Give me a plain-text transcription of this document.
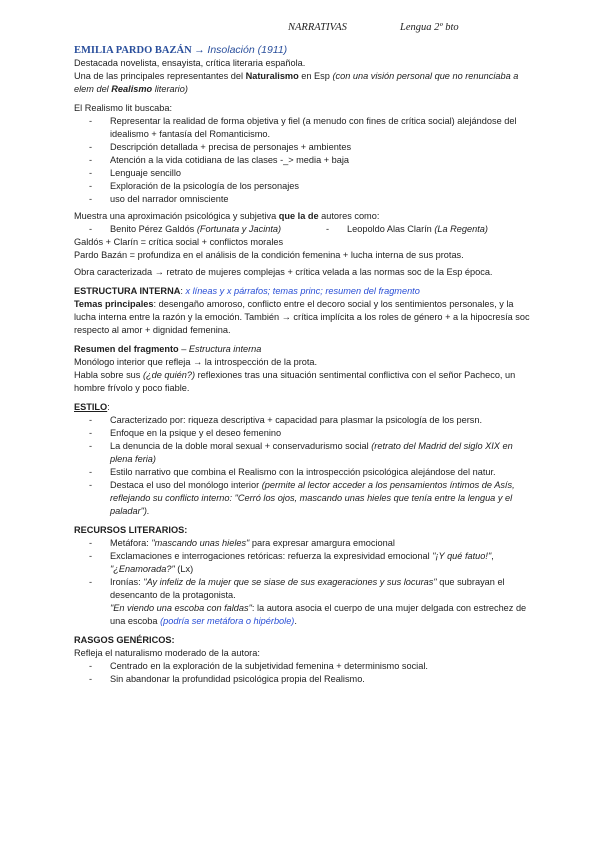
NARRATIVAS	Lengua 2º bto

EMILIA PARDO BAZÁN → Insolación (1911)

Destacada novelista, ensayista, crítica literaria española.

Una de las principales representantes del Naturalismo en Esp (con una visión personal que no renunciaba a elem del Realismo literario)

El Realismo lit buscaba:

- Representar la realidad de forma objetiva y fiel (a menudo con fines de crítica social) alejándose del idealismo + fantasía del Romanticismo.
- Descripción detallada + precisa de personajes + ambientes
- Atención a la vida cotidiana de las clases -_> media + baja
- Lenguaje sencillo
- Exploración de la psicología de los personajes
- uso del narrador omnisciente

Muestra una aproximación psicológica y subjetiva que la de autores como:

- Benito Pérez Galdós (Fortunata y Jacinta)	- Leopoldo Alas Clarín (La Regenta)

Galdós + Clarín = crítica social + conflictos morales

Pardo Bazán = profundiza en el análisis de la condición femenina + lucha interna de sus protas.

Obra caracterizada → retrato de mujeres complejas + crítica velada a las normas soc de la Esp época.

ESTRUCTURA INTERNA: x líneas y x párrafos; temas princ; resumen del fragmento

Temas principales: desengaño amoroso, conflicto entre el decoro social y los sentimientos personales, y la lucha interna entre la razón y la emoción. También → crítica implícita a los roles de género + a la hipocresía soc respecto al amor + dignidad femenina.

Resumen del fragmento – Estructura interna

Monólogo interior que refleja → la introspección de la prota.

Habla sobre sus (¿de quién?) reflexiones tras una situación sentimental conflictiva con el señor Pacheco, un hombre frívolo y poco fiable.

ESTILO:

- Caracterizado por: riqueza descriptiva + capacidad para plasmar la psicología de los persn.
- Enfoque en la psique y el deseo femenino
- La denuncia de la doble moral sexual + conservadurismo social (retrato del Madrid del siglo XIX en plena feria)
- Estilo narrativo que combina el Realismo con la introspección psicológica alejándose del natur.
- Destaca el uso del monólogo interior (permite al lector acceder a los pensamientos íntimos de Asís, reflejando su conflicto interno: "Cerró los ojos, mascando unas hieles que tenía entre la lengua y el paladar").

RECURSOS LITERARIOS:

- Metáfora: "mascando unas hieles" para expresar amargura emocional
- Exclamaciones e interrogaciones retóricas: refuerza la expresividad emocional "¡Y qué fatuo!", "¿Enamorada?" (Lx)
- Ironías: "Ay infeliz de la mujer que se siase de sus exageraciones y sus locuras" que subrayan el desencanto de la protagonista.
"En viendo una escoba con faldas": la autora asocia el cuerpo de una mujer delgada con estrechez de una escoba (podría ser metáfora o hipérbole).

RASGOS GENÉRICOS:

Refleja el naturalismo moderado de la autora:

- Centrado en la exploración de la subjetividad femenina + determinismo social.
- Sin abandonar la profundidad psicológica propia del Realismo.
